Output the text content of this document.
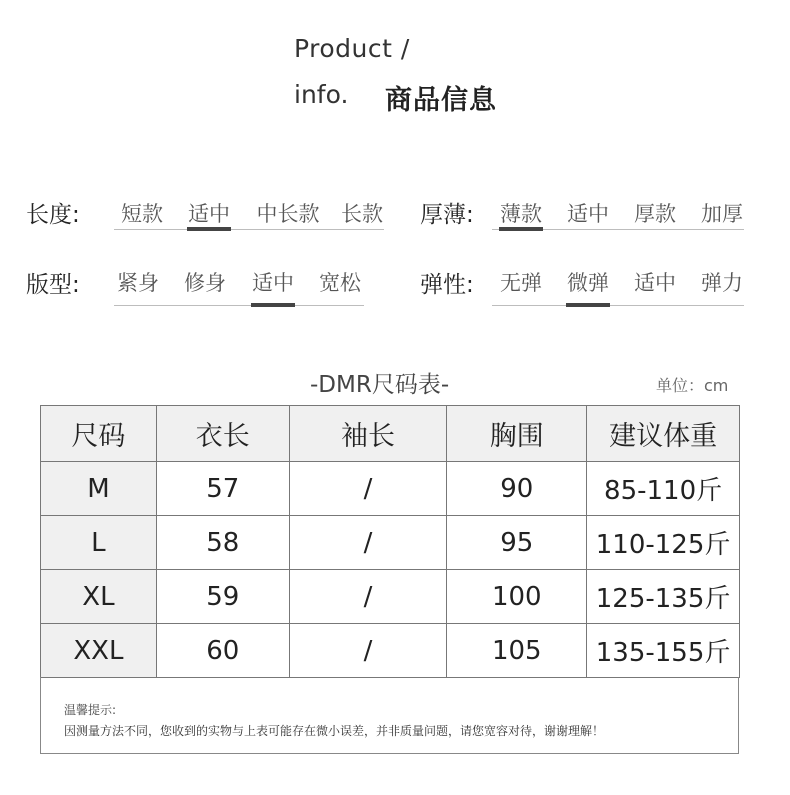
Product /
info. 商品信息
长度:	短款	适中	中长款	长款	厚薄:	薄款	适中	厚款	加厚
版型:	紧身	修身	适中	宽松	弹性:	无弹	微弹	适中	弹力
-DMR尺码表-	单位：cm
尺码	衣长	袖长	胸围	建议体重
M	57	/	90	85-110斤
L	58	/	95	110-125斤
XL	59	/	100	125-135斤
XXL	60	/	105	135-155斤
温馨提示:
因测量方法不同，您收到的实物与上表可能存在微小误差，并非质量问题，请您宽容对待，谢谢理解！
